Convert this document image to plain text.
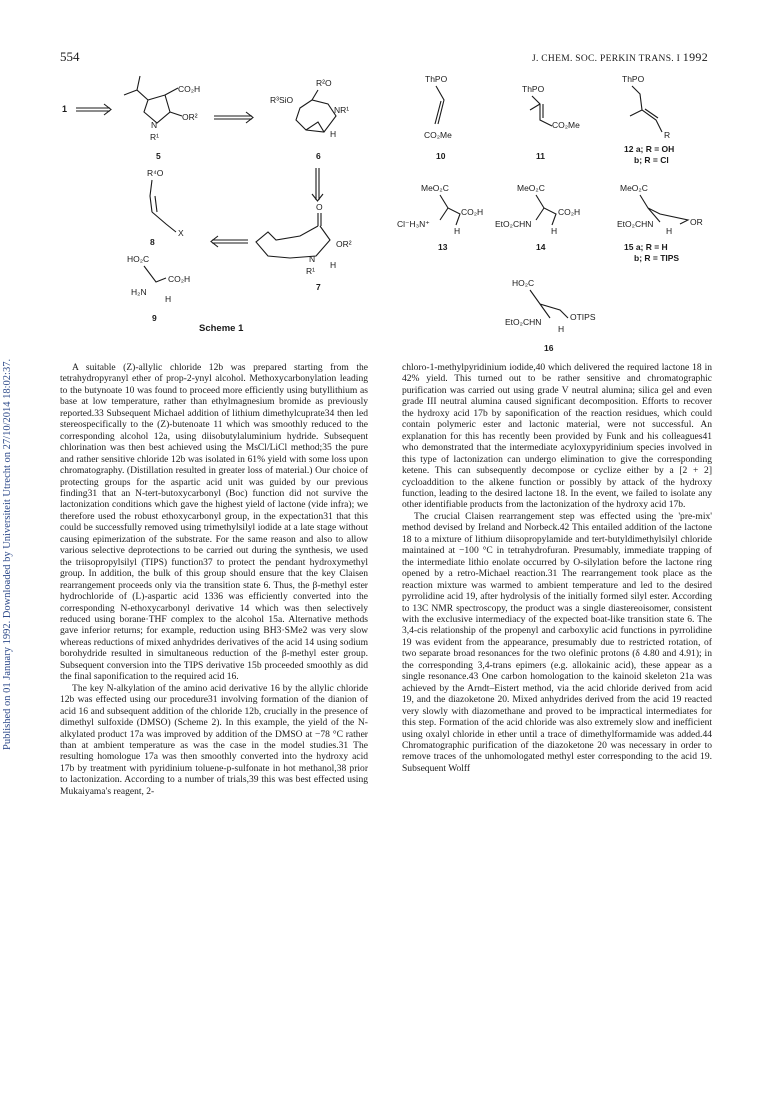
554	J. CHEM. SOC. PERKIN TRANS. I 1992
Published on 01 January 1992. Downloaded by Universiteit Utrecht on 27/10/2014 18:02:37.
1
CO₂H
OR²
N
R¹
5
R²O
R³SiO
NR¹
H
6
R⁴O
X
8
O
OR²
N
R¹
H
7
HO₂C
CO₂H
H₂N
H
9
Scheme 1
ThPO
CO₂Me
10
ThPO
CO₂Me
11
ThPO
R
12 a; R = OH
b; R = Cl
MeO₂C
CO₂H
Cl⁻H₃N⁺
H
13
MeO₂C
CO₂H
EtO₂CHN
H
14
MeO₂C
OR
EtO₂CHN
H
15 a; R = H
b; R = TIPS
HO₂C
OTIPS
EtO₂CHN
H
16

A suitable (Z)-allylic chloride 12b was prepared starting from the tetrahydropyranyl ether of prop-2-ynyl alcohol. Methoxycarbonylation leading to the butynoate 10 was found to proceed more efficiently using butyllithium as base at low temperature, rather than ethylmagnesium bromide as previously reported.33 Subsequent Michael addition of lithium dimethylcuprate34 then led stereospecifically to the (Z)-butenoate 11 which was smoothly reduced to the corresponding alcohol 12a, using diisobutylaluminium hydride. Subsequent chlorination was then best achieved using the MsCl/LiCl method;35 the pure and rather sensitive chloride 12b was isolated in 61% yield with some loss upon chromatography. (Distillation resulted in greater loss of material.) Our choice of protecting groups for the aspartic acid unit was guided by our previous finding31 that an N-tert-butoxycarbonyl (Boc) function did not survive the lactonization conditions which gave the highest yield of lactone (vide infra); we therefore used the robust ethoxycarbonyl group, in the expectation31 that this could be successfully removed using trimethylsilyl iodide at a late stage without causing epimerization of the substrate. For the same reason and also to allow various selective deprotections to be carried out during the synthesis, we used the triisopropylsilyl (TIPS) function37 to protect the pendant hydroxymethyl group. In addition, the bulk of this group should ensure that the key Claisen rearrangement proceeds only via the transition state 6. Thus, the β-methyl ester hydrochloride of (L)-aspartic acid 1336 was efficiently converted into the corresponding N-ethoxycarbonyl derivative 14 which was then selectively reduced using borane·THF complex to the alcohol 15a. Alternative methods gave inferior returns; for example, reduction using BH3·SMe2 was very slow whereas reductions of mixed anhydrides derivatives of the acid 14 using sodium borohydride resulted in simultaneous reduction of the β-methyl ester group. Subsequent conversion into the TIPS derivative 15b proceeded smoothly as did the final saponification to the required acid 16.

The key N-alkylation of the amino acid derivative 16 by the allylic chloride 12b was effected using our procedure31 involving formation of the dianion of acid 16 and subsequent addition of the chloride 12b, crucially in the presence of dimethyl sulfoxide (DMSO) (Scheme 2). In this example, the yield of the N-alkylated product 17a was improved by addition of the DMSO at −78 °C rather than at ambient temperature as was the case in the model studies.31 The resulting homologue 17a was then smoothly converted into the hydroxy acid 17b by treatment with pyridinium toluene-p-sulfonate in hot methanol,38 prior to lactonization. According to a number of trials,39 this was best effected using Mukaiyama's reagent, 2-

chloro-1-methylpyridinium iodide,40 which delivered the required lactone 18 in 42% yield. This turned out to be rather sensitive and chromatographic purification was carried out using grade V neutral alumina; silica gel and even grade III neutral alumina caused significant decomposition. Efforts to recover the hydroxy acid 17b by saponification of the reaction residues, which could contain polymeric ester and lactonic material, were not successful. An explanation for this has recently been provided by Funk and his colleagues41 who demonstrated that the intermediate acyloxypyridinium species involved in this type of lactonization can undergo elimination to give the corresponding ketene. This can subsequently decompose or cyclize either by a [2 + 2] cycloaddition to the alkene function or possibly by attack of the hydroxy function, leading to the desired lactone 18. In the event, we failed to isolate any other identifiable products from the lactonization of the hydroxy acid 17b.

The crucial Claisen rearrangement step was effected using the 'pre-mix' method devised by Ireland and Norbeck.42 This entailed addition of the lactone 18 to a mixture of lithium diisopropylamide and tert-butyldimethylsilyl chloride maintained at −100 °C in tetrahydrofuran. Presumably, immediate trapping of the intermediate lithio enolate occurred by O-silylation before the lactone ring opened by a retro-Michael reaction.31 The rearrangement took place as the reaction mixture was warmed to ambient temperature and led to the desired pyrrolidine acid 19, after hydrolysis of the initially formed silyl ester. According to 13C NMR spectroscopy, the product was a single diastereoisomer, consistent with the exclusive intermediacy of the expected boat-like transition state 6. The 3,4-cis relationship of the propenyl and carboxylic acid functions in pyrrolidine 19 was evident from the appearance, presumably due to restricted rotation, of two separate broad resonances for the two olefinic protons (δ 4.80 and 4.91); in the corresponding 3,4-trans epimers (e.g. allokainic acid), these appear as a single resonance.43 One carbon homologation to the kainoid skeleton 21a was achieved by the Arndt–Eistert method, via the acid chloride derived from acid 19, and the diazoketone 20. Mixed anhydrides derived from the acid 19 reacted very slowly with diazomethane and proved to be impractical intermediates for this step. Formation of the acid chloride was also extremely slow and inefficient using oxalyl chloride in ether until a trace of dimethylformamide was added.44 Chromatographic purification of the diazoketone 20 was necessary in order to remove traces of the unhomologated methyl ester corresponding to the acid 19. Subsequent Wolff
